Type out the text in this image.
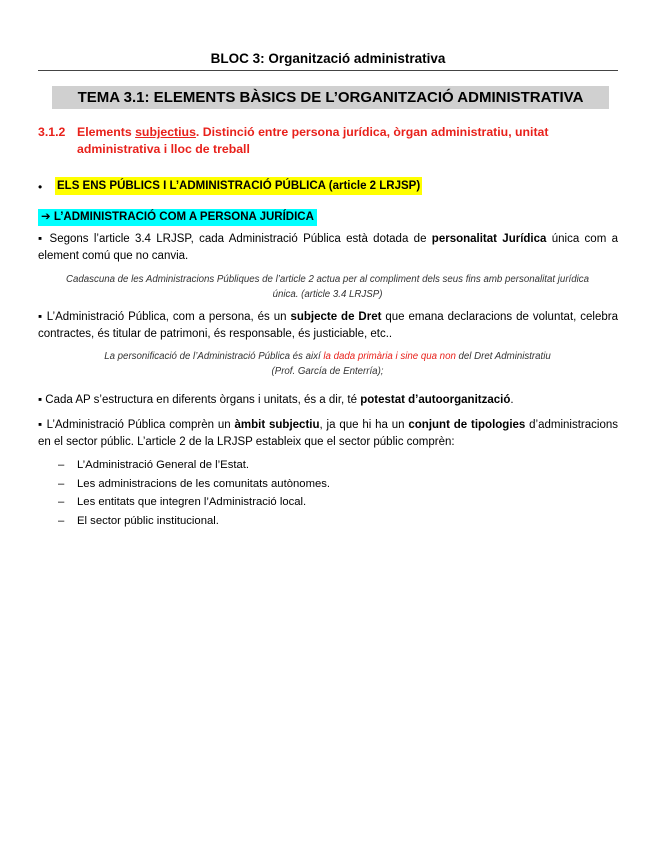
BLOC 3: Organització administrativa
TEMA 3.1: ELEMENTS BÀSICS DE L’ORGANITZACIÓ ADMINISTRATIVA
3.1.2 Elements subjectius. Distinció entre persona jurídica, òrgan administratiu, unitat administrativa i lloc de treball
• ELS ENS PÚBLICS I L’ADMINISTRACIÓ PÚBLICA (article 2 LRJSP)
➔ L’ADMINISTRACIÓ COM A PERSONA JURÍDICA
▪ Segons l’article 3.4 LRJSP, cada Administració Pública està dotada de personalitat Jurídica única com a element comú que no canvia.
Cadascuna de les Administracions Públiques de l’article 2 actua per al compliment dels seus fins amb personalitat jurídica única. (article 3.4 LRJSP)
▪ L’Administració Pública, com a persona, és un subjecte de Dret que emana declaracions de voluntat, celebra contractes, és titular de patrimoni, és responsable, és justiciable, etc..
La personificació de l’Administració Pública és així la dada primària i sine qua non del Dret Administratiu
(Prof. García de Enterría);
▪ Cada AP s’estructura en diferents òrgans i unitats, és a dir, té potestat d’autoorganització.
▪ L’Administració Pública comprèn un àmbit subjectiu, ja que hi ha un conjunt de tipologies d’administracions en el sector públic. L’article 2 de la LRJSP estableix que el sector públic comprèn:
– L’Administració General de l’Estat.
– Les administracions de les comunitats autònomes.
– Les entitats que integren l’Administració local.
– El sector públic institucional.
